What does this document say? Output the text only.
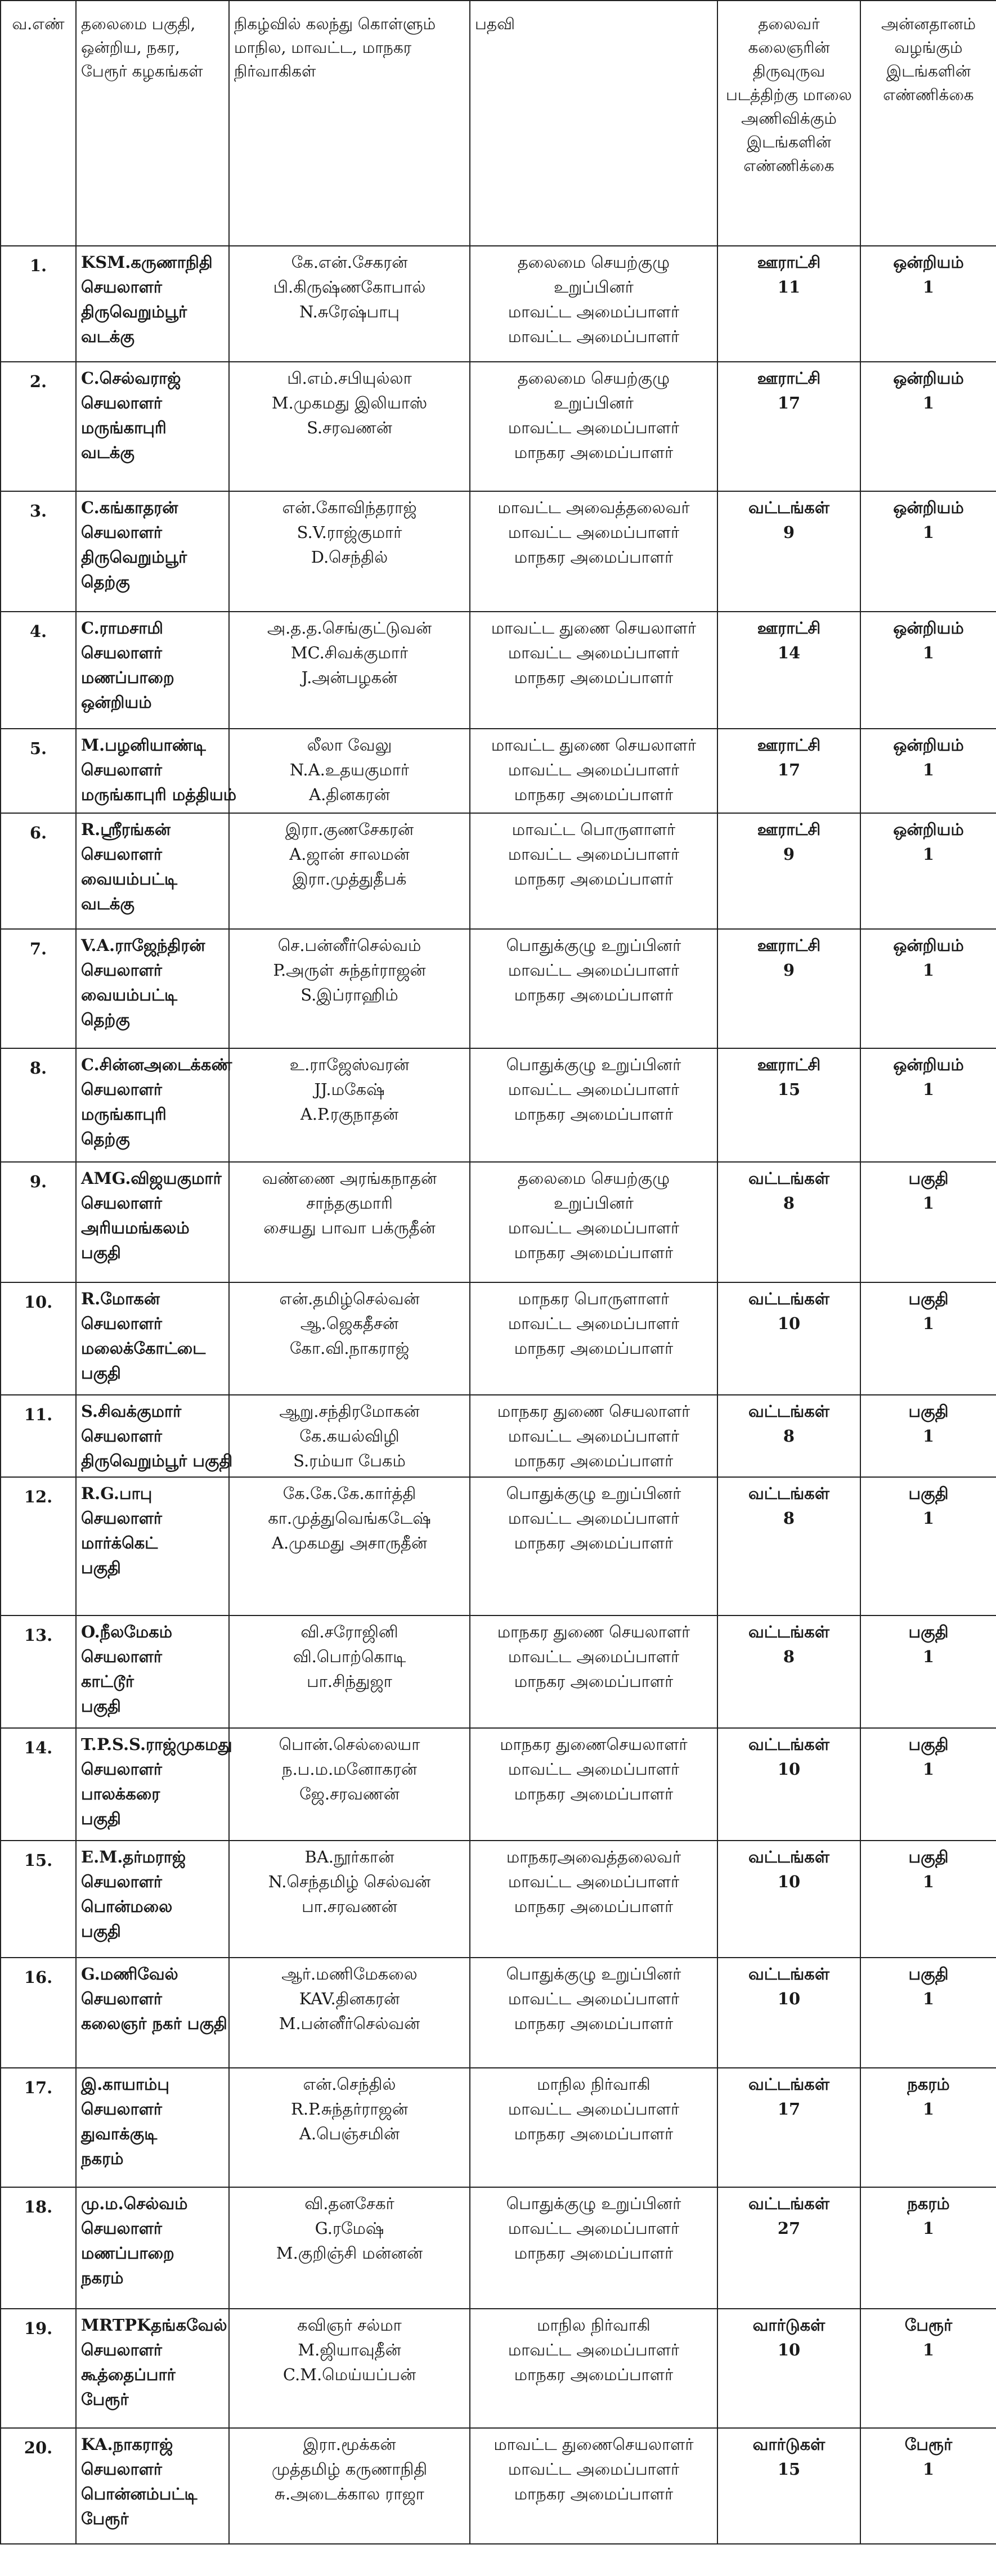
வ.எண்	தலைமை பகுதி, ஒன்றிய, நகர, பேரூர் கழகங்கள்	நிகழ்வில் கலந்து கொள்ளும் மாநில, மாவட்ட, மாநகர நிர்வாகிகள்	பதவி	தலைவர் கலைஞரின் திருவுருவ படத்திற்கு மாலை அணிவிக்கும் இடங்களின் எண்ணிக்கை	அன்னதானம் வழங்கும் இடங்களின் எண்ணிக்கை
1.	KSM.கருணாநிதி
செயலாளர்
திருவெறும்பூர்
வடக்கு	கே.என்.சேகரன்
பி.கிருஷ்ணகோபால்
N.சுரேஷ்பாபு	தலைமை செயற்குழு
உறுப்பினர்
மாவட்ட அமைப்பாளர்
மாவட்ட அமைப்பாளர்	ஊராட்சி
11	ஒன்றியம்
1

2.	C.செல்வராஜ்
செயலாளர்
மருங்காபுரி
வடக்கு	பி.எம்.சபியுல்லா
M.முகமது இலியாஸ்
S.சரவணன்	தலைமை செயற்குழு
உறுப்பினர்
மாவட்ட அமைப்பாளர்
மாநகர அமைப்பாளர்	ஊராட்சி
17	ஒன்றியம்
1

3.	C.கங்காதரன்
செயலாளர்
திருவெறும்பூர்
தெற்கு	என்.கோவிந்தராஜ்
S.V.ராஜ்குமார்
D.செந்தில்	மாவட்ட அவைத்தலைவர்
மாவட்ட அமைப்பாளர்
மாநகர அமைப்பாளர்	வட்டங்கள்
9	ஒன்றியம்
1

4.	C.ராமசாமி
செயலாளர்
மணப்பாறை
ஒன்றியம்	அ.த.த.செங்குட்டுவன்
MC.சிவக்குமார்
J.அன்பழகன்	மாவட்ட துணை செயலாளர்
மாவட்ட அமைப்பாளர்
மாநகர அமைப்பாளர்	ஊராட்சி
14	ஒன்றியம்
1

5.	M.பழனியாண்டி
செயலாளர்
மருங்காபுரி மத்தியம்	லீலா வேலு
N.A.உதயகுமார்
A.தினகரன்	மாவட்ட துணை செயலாளர்
மாவட்ட அமைப்பாளர்
மாநகர அமைப்பாளர்	ஊராட்சி
17	ஒன்றியம்
1

6.	R.ஸ்ரீரங்கன்
செயலாளர்
வையம்பட்டி
வடக்கு	இரா.குணசேகரன்
A.ஜான் சாலமன்
இரா.முத்துதீபக்	மாவட்ட பொருளாளர்
மாவட்ட அமைப்பாளர்
மாநகர அமைப்பாளர்	ஊராட்சி
9	ஒன்றியம்
1

7.	V.A.ராஜேந்திரன்
செயலாளர்
வையம்பட்டி
தெற்கு	செ.பன்னீர்செல்வம்
P.அருள் சுந்தர்ராஜன்
S.இப்ராஹிம்	பொதுக்குழு உறுப்பினர்
மாவட்ட அமைப்பாளர்
மாநகர அமைப்பாளர்	ஊராட்சி
9	ஒன்றியம்
1

8.	C.சின்னஅடைக்கண்
செயலாளர்
மருங்காபுரி
தெற்கு	உ.ராஜேஸ்வரன்
JJ.மகேஷ்
A.P.ரகுநாதன்	பொதுக்குழு உறுப்பினர்
மாவட்ட அமைப்பாளர்
மாநகர அமைப்பாளர்	ஊராட்சி
15	ஒன்றியம்
1

9.	AMG.விஜயகுமார்
செயலாளர்
அரியமங்கலம்
பகுதி	வண்ணை அரங்கநாதன்
சாந்தகுமாரி
சையது பாவா பக்ருதீன்	தலைமை செயற்குழு
உறுப்பினர்
மாவட்ட அமைப்பாளர்
மாநகர அமைப்பாளர்	வட்டங்கள்
8	பகுதி
1

10.	R.மோகன்
செயலாளர்
மலைக்கோட்டை
பகுதி	என்.தமிழ்செல்வன்
ஆ.ஜெகதீசன்
கோ.வி.நாகராஜ்	மாநகர பொருளாளர்
மாவட்ட அமைப்பாளர்
மாநகர அமைப்பாளர்	வட்டங்கள்
10	பகுதி
1

11.	S.சிவக்குமார்
செயலாளர்
திருவெறும்பூர் பகுதி	ஆறு.சந்திரமோகன்
கே.கயல்விழி
S.ரம்யா பேகம்	மாநகர துணை செயலாளர்
மாவட்ட அமைப்பாளர்
மாநகர அமைப்பாளர்	வட்டங்கள்
8	பகுதி
1

12.	R.G.பாபு
செயலாளர்
மார்க்கெட்
பகுதி	கே.கே.கே.கார்த்தி
கா.முத்துவெங்கடேஷ்
A.முகமது அசாருதீன்	பொதுக்குழு உறுப்பினர்
மாவட்ட அமைப்பாளர்
மாநகர அமைப்பாளர்	வட்டங்கள்
8	பகுதி
1

13.	O.நீலமேகம்
செயலாளர்
காட்டூர்
பகுதி	வி.சரோஜினி
வி.பொற்கொடி
பா.சிந்துஜா	மாநகர துணை செயலாளர்
மாவட்ட அமைப்பாளர்
மாநகர அமைப்பாளர்	வட்டங்கள்
8	பகுதி
1

14.	T.P.S.S.ராஜ்முகமது
செயலாளர்
பாலக்கரை
பகுதி	பொன்.செல்லையா
ந.ப.ம.மனோகரன்
ஜே.சரவணன்	மாநகர துணைசெயலாளர்
மாவட்ட அமைப்பாளர்
மாநகர அமைப்பாளர்	வட்டங்கள்
10	பகுதி
1

15.	E.M.தர்மராஜ்
செயலாளர்
பொன்மலை
பகுதி	BA.நூர்கான்
N.செந்தமிழ் செல்வன்
பா.சரவணன்	மாநகரஅவைத்தலைவர்
மாவட்ட அமைப்பாளர்
மாநகர அமைப்பாளர்	வட்டங்கள்
10	பகுதி
1

16.	G.மணிவேல்
செயலாளர்
கலைஞர் நகர் பகுதி	ஆர்.மணிமேகலை
KAV.தினகரன்
M.பன்னீர்செல்வன்	பொதுக்குழு உறுப்பினர்
மாவட்ட அமைப்பாளர்
மாநகர அமைப்பாளர்	வட்டங்கள்
10	பகுதி
1

17.	இ.காயாம்பு
செயலாளர்
துவாக்குடி
நகரம்	என்.செந்தில்
R.P.சுந்தர்ராஜன்
A.பெஞ்சமின்	மாநில நிர்வாகி
மாவட்ட அமைப்பாளர்
மாநகர அமைப்பாளர்	வட்டங்கள்
17	நகரம்
1

18.	மு.ம.செல்வம்
செயலாளர்
மணப்பாறை
நகரம்	வி.தனசேகர்
G.ரமேஷ்
M.குறிஞ்சி மன்னன்	பொதுக்குழு உறுப்பினர்
மாவட்ட அமைப்பாளர்
மாநகர அமைப்பாளர்	வட்டங்கள்
27	நகரம்
1

19.	MRTPKதங்கவேல்
செயலாளர்
கூத்தைப்பார்
பேரூர்	கவிஞர் சல்மா
M.ஜியாவுதீன்
C.M.மெய்யப்பன்	மாநில நிர்வாகி
மாவட்ட அமைப்பாளர்
மாநகர அமைப்பாளர்	வார்டுகள்
10	பேரூர்
1

20.	KA.நாகராஜ்
செயலாளர்
பொன்னம்பட்டி
பேரூர்	இரா.மூக்கன்
முத்தமிழ் கருணாநிதி
சு.அடைக்கால ராஜா	மாவட்ட துணைசெயலாளர்
மாவட்ட அமைப்பாளர்
மாநகர அமைப்பாளர்	வார்டுகள்
15	பேரூர்
1
